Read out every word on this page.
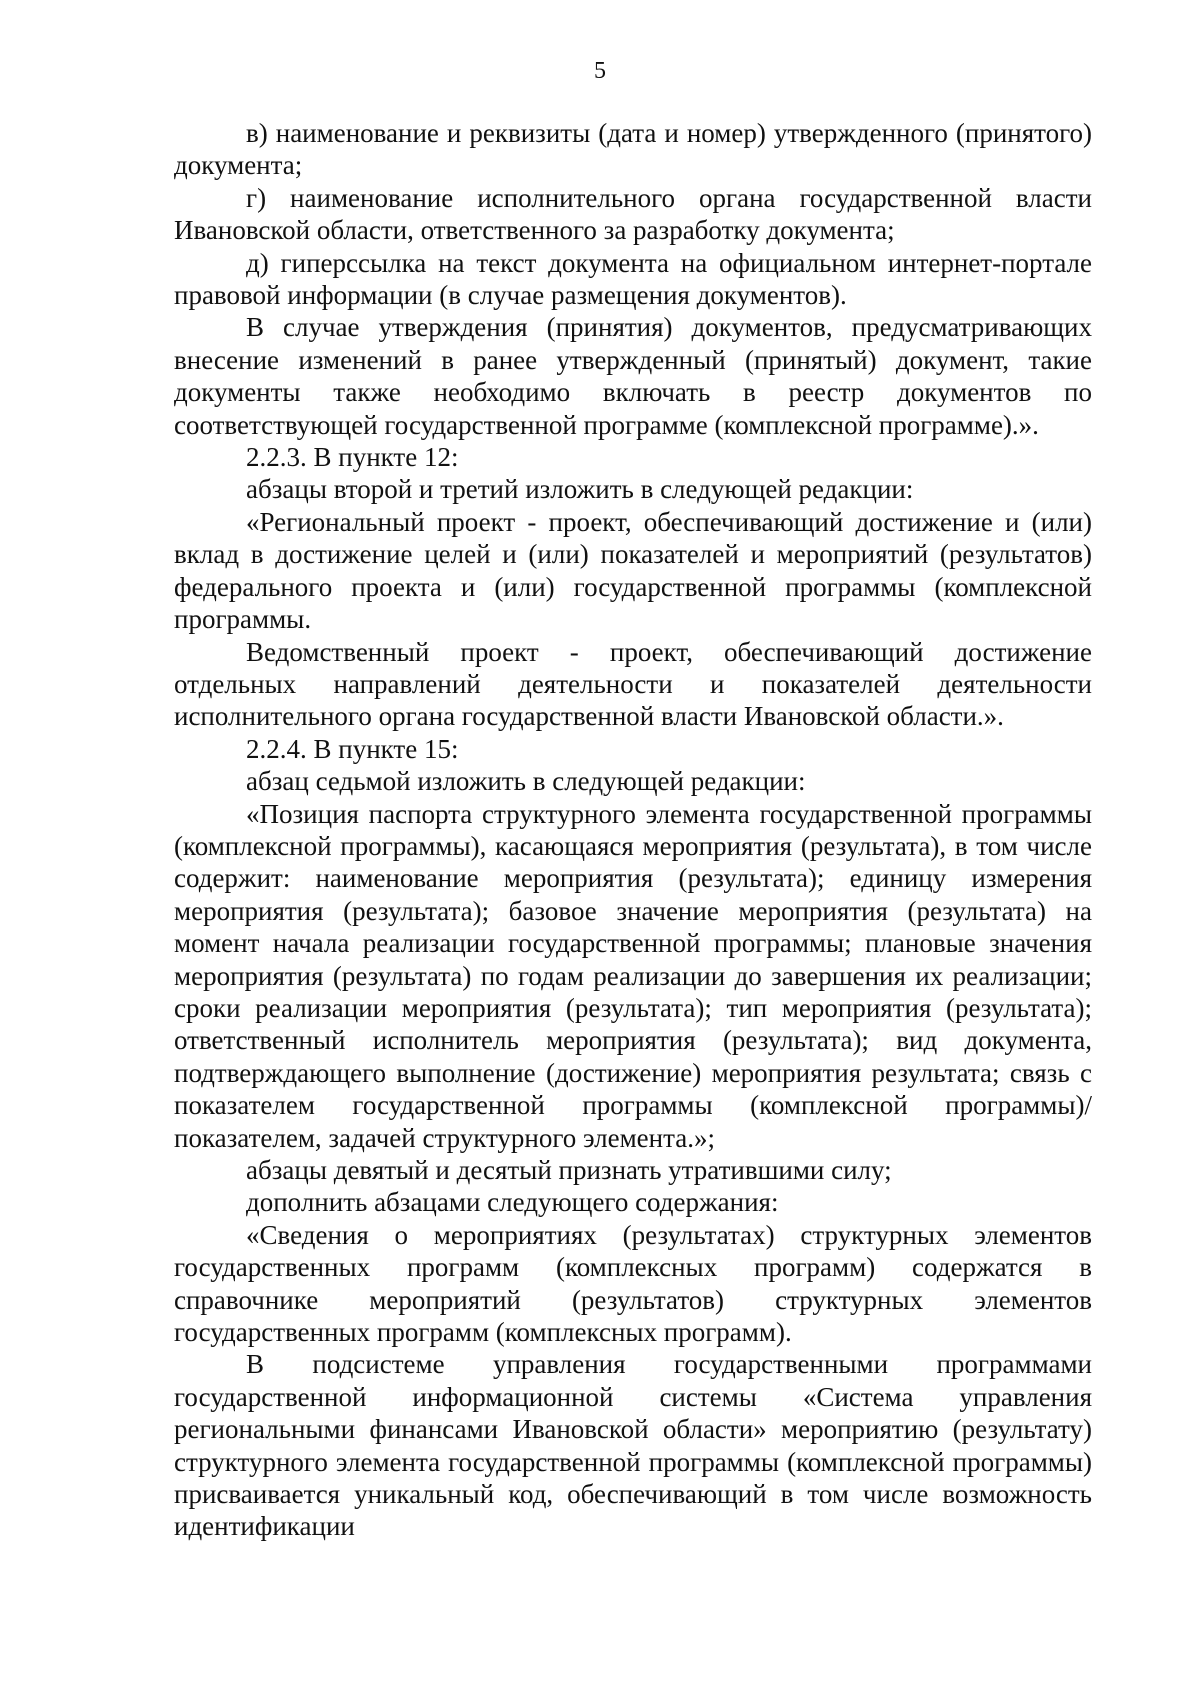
5

в) наименование и реквизиты (дата и номер) утвержденного (принятого) документа;

г) наименование исполнительного органа государственной власти Ивановской области, ответственного за разработку документа;

д) гиперссылка на текст документа на официальном интернет-портале правовой информации (в случае размещения документов).

В случае утверждения (принятия) документов, предусматривающих внесение изменений в ранее утвержденный (принятый) документ, такие документы также необходимо включать в реестр документов по соответствующей государственной программе (комплексной программе).».

2.2.3. В пункте 12:

абзацы второй и третий изложить в следующей редакции:

«Региональный проект - проект, обеспечивающий достижение и (или) вклад в достижение целей и (или) показателей и мероприятий (результатов) федерального проекта и (или) государственной программы (комплексной программы.

Ведомственный проект - проект, обеспечивающий достижение отдельных направлений деятельности и показателей деятельности исполнительного органа государственной власти Ивановской области.».

2.2.4. В пункте 15:

абзац седьмой изложить в следующей редакции:

«Позиция паспорта структурного элемента государственной программы (комплексной программы), касающаяся мероприятия (результата), в том числе содержит: наименование мероприятия (результата); единицу измерения мероприятия (результата); базовое значение мероприятия (результата) на момент начала реализации государственной программы; плановые значения мероприятия (результата) по годам реализации до завершения их реализации; сроки реализации мероприятия (результата); тип мероприятия (результата); ответственный исполнитель мероприятия (результата); вид документа, подтверждающего выполнение (достижение) мероприятия результата; связь с показателем государственной программы (комплексной программы)/показателем, задачей структурного элемента.»;

абзацы девятый и десятый признать утратившими силу;

дополнить абзацами следующего содержания:

«Сведения о мероприятиях (результатах) структурных элементов государственных программ (комплексных программ) содержатся в справочнике мероприятий (результатов) структурных элементов государственных программ (комплексных программ).

В подсистеме управления государственными программами государственной информационной системы «Система управления региональными финансами Ивановской области» мероприятию (результату) структурного элемента государственной программы (комплексной программы) присваивается уникальный код, обеспечивающий в том числе возможность идентификации
